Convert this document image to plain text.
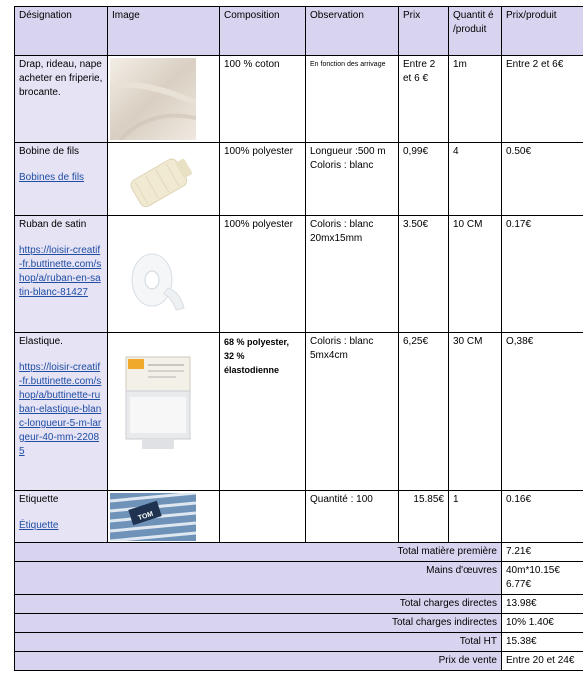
Désignation	Image	Composition	Observation	Prix	Quantit é /produit	Prix/produit
Drap, rideau, nape acheter en friperie, brocante.		100 % coton	En fonction des arrivage	Entre 2 et 6 €	1m	Entre 2 et 6€
Bobine de fils
Bobines de fils		100% polyester	Longueur :500 m Coloris : blanc	0,99€	4	0.50€
Ruban de satin
https://loisir-creatif-fr.buttinette.com/shop/a/ruban-en-satin-blanc-81427		100% polyester	Coloris : blanc 20mx15mm	3.50€	10 CM	0.17€
Elastique.
https://loisir-creatif-fr.buttinette.com/shop/a/buttinette-ruban-elastique-blanc-longueur-5-m-largeur-40-mm-22085		68 % polyester, 32 % élastodienne	Coloris : blanc 5mx4cm	6,25€	30 CM	O,38€
Etiquette
Étiquette	TOM		Quantité : 100	15.85€	1	0.16€
Total matière première						7.21€
Mains d'œuvres						40m*10.15€ 6.77€
Total charges directes						13.98€
Total charges indirectes						10% 1.40€
Total HT						15.38€
Prix de vente						Entre 20 et 24€
